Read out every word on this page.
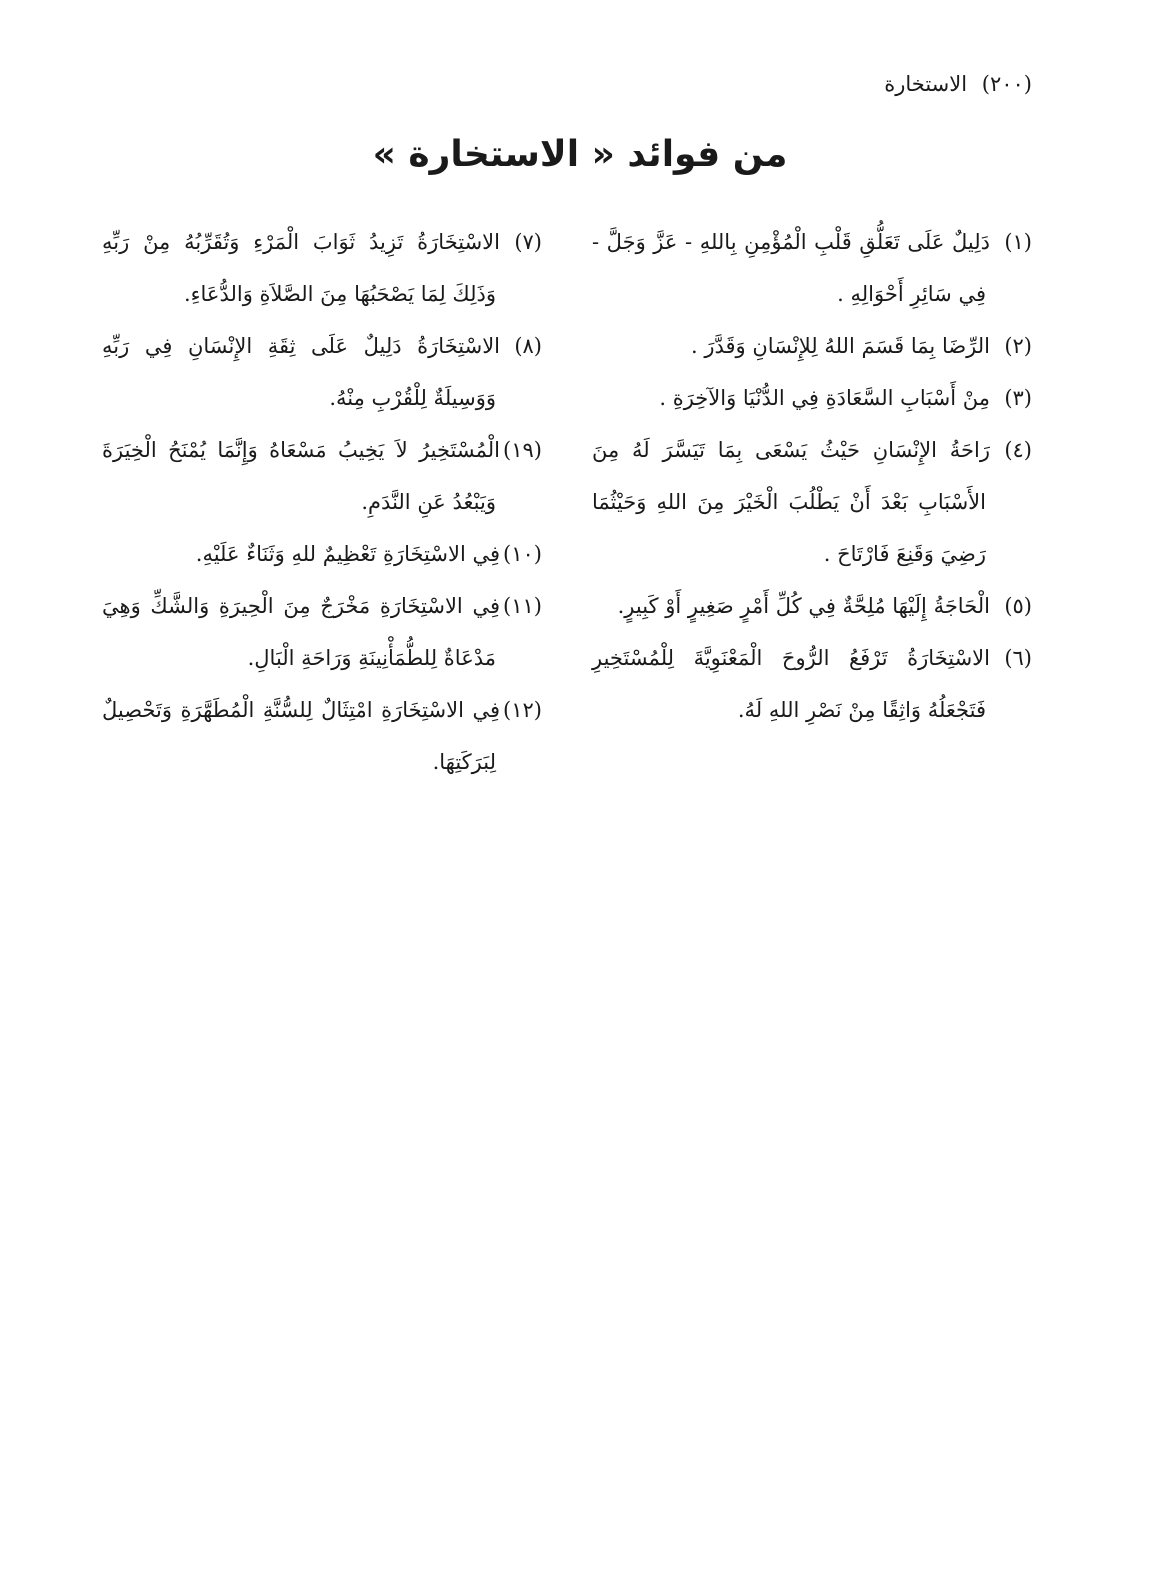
(٢٠٠) الاستخارة
من فوائد « الاستخارة »

(١)دَلِيلٌ عَلَى تَعَلُّقِ قَلْبِ الْمُؤْمِنِ بِاللهِ - عَزَّ وَجَلَّ - فِي سَائِرِ أَحْوَالِهِ .

(٢)الرِّضَا بِمَا قَسَمَ اللهُ لِلإِنْسَانِ وَقَدَّرَ .

(٣)مِنْ أَسْبَابِ السَّعَادَةِ فِي الدُّنْيَا وَالآخِرَةِ .

(٤)رَاحَةُ الإِنْسَانِ حَيْثُ يَسْعَى بِمَا تَيَسَّرَ لَهُ مِنَ الأَسْبَابِ بَعْدَ أَنْ يَطْلُبَ الْخَيْرَ مِنَ اللهِ وَحَيْثُمَا رَضِيَ وَقَنِعَ فَارْتَاحَ .

(٥)الْحَاجَةُ إِلَيْهَا مُلِحَّةٌ فِي كُلِّ أَمْرٍ صَغِيرٍ أَوْ كَبِيرٍ.

(٦)الاسْتِخَارَةُ تَرْفَعُ الرُّوحَ الْمَعْنَوِيَّةَ لِلْمُسْتَخِيرِ فَتَجْعَلُهُ وَاثِقًا مِنْ نَصْرِ اللهِ لَهُ.

(٧)الاسْتِخَارَةُ تَزِيدُ ثَوَابَ الْمَرْءِ وَتُقَرِّبُهُ مِنْ رَبِّهِ وَذَلِكَ لِمَا يَصْحَبُهَا مِنَ الصَّلاَةِ وَالدُّعَاءِ.

(٨)الاسْتِخَارَةُ دَلِيلٌ عَلَى ثِقَةِ الإِنْسَانِ فِي رَبِّهِ وَوَسِيلَةٌ لِلْقُرْبِ مِنْهُ.

(١٩)الْمُسْتَخِيرُ لاَ يَخِيبُ مَسْعَاهُ وَإِنَّمَا يُمْنَحُ الْخِيَرَةَ وَيَبْعُدُ عَنِ النَّدَمِ.

(١٠)فِي الاسْتِخَارَةِ تَعْظِيمٌ للهِ وَثَنَاءٌ عَلَيْهِ.

(١١)فِي الاسْتِخَارَةِ مَخْرَجٌ مِنَ الْحِيرَةِ وَالشَّكِّ وَهِيَ مَدْعَاةٌ لِلطُّمَأْنِينَةِ وَرَاحَةِ الْبَالِ.

(١٢)فِي الاسْتِخَارَةِ امْتِثَالٌ لِلسُّنَّةِ الْمُطَهَّرَةِ وَتَحْصِيلٌ لِبَرَكَتِهَا.
